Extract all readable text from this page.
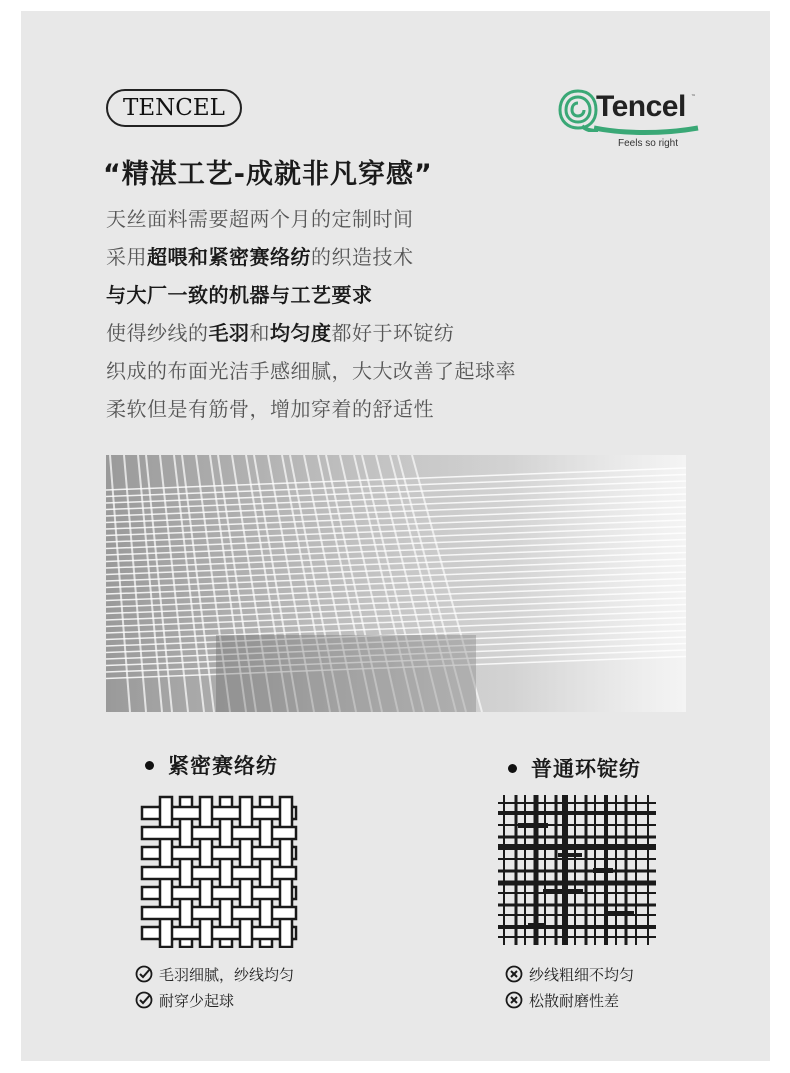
TENCEL	Tencel ™
Feels so right
“精湛工艺-成就非凡穿感”
天丝面料需要超两个月的定制时间
采用超喂和紧密赛络纺的织造技术
与大厂一致的机器与工艺要求
使得纱线的毛羽和均匀度都好于环锭纺
织成的布面光洁手感细腻，大大改善了起球率
柔软但是有筋骨，增加穿着的舒适性
紧密赛络纺	普通环锭纺
毛羽细腻，纱线均匀
耐穿少起球
纱线粗细不均匀
松散耐磨性差
